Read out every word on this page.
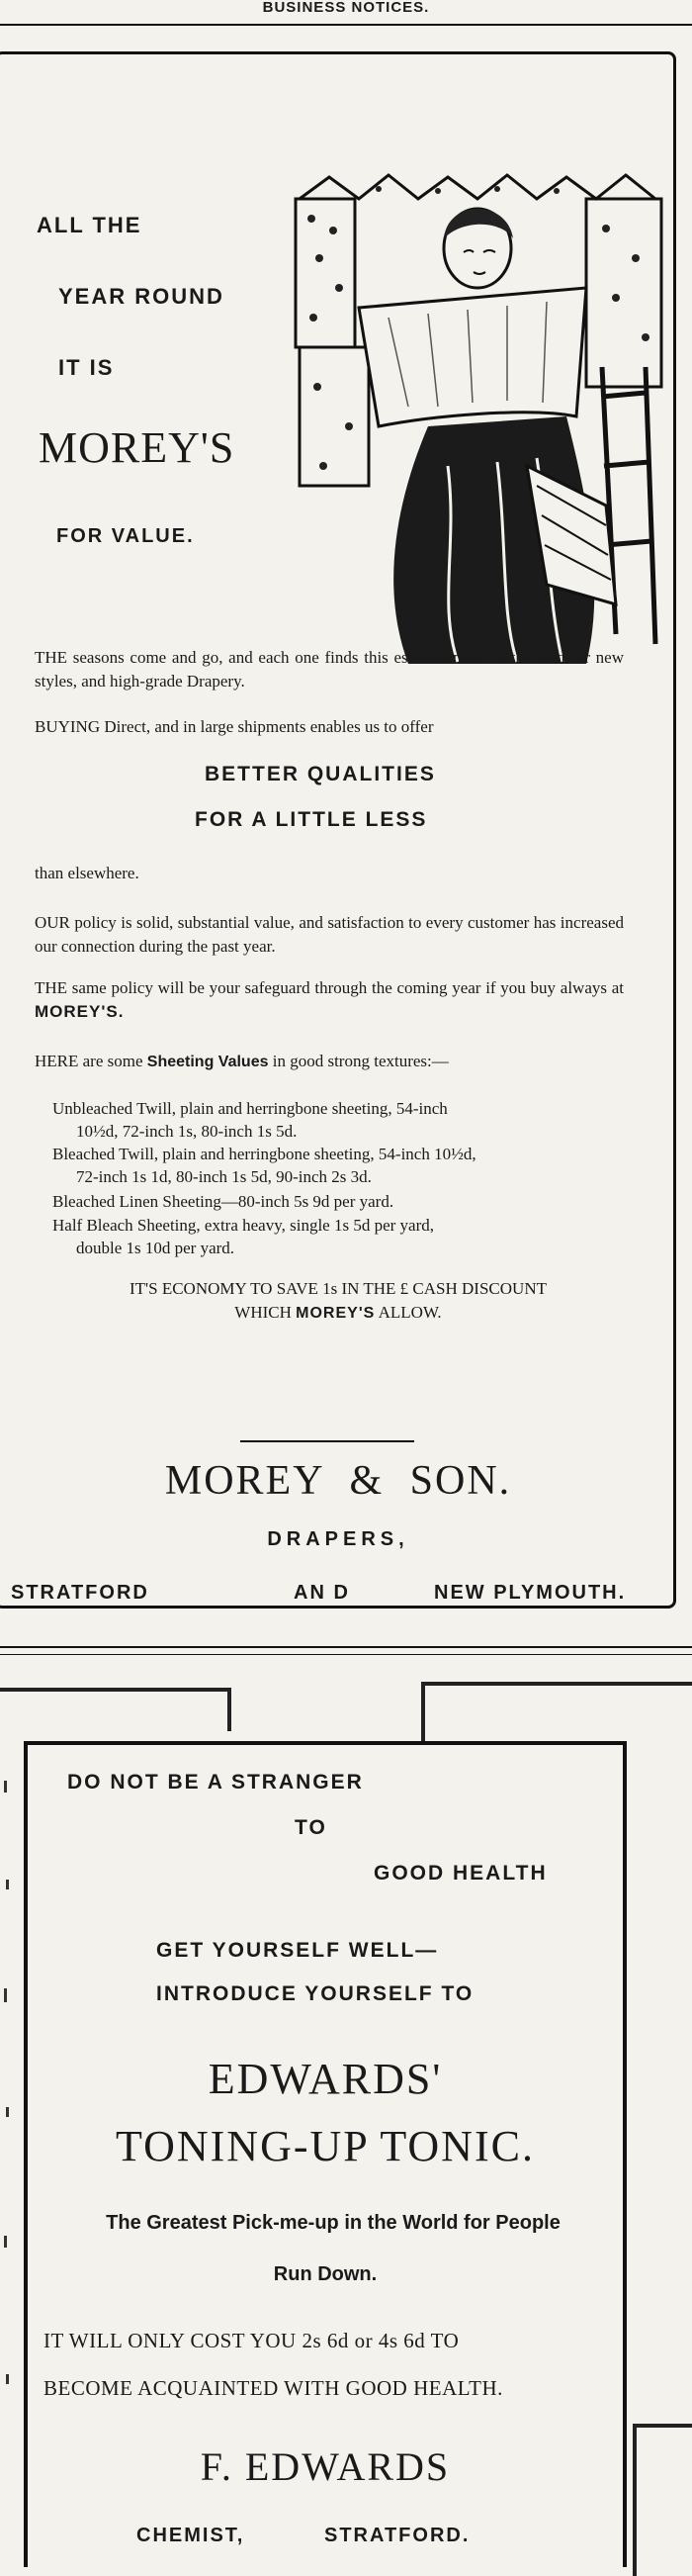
BUSINESS NOTICES.
ALL THE
YEAR ROUND
IT IS
MOREY'S
FOR VALUE.
THE seasons come and go, and each one finds this establishment in the lead for new styles, and high-grade Drapery.
BUYING Direct, and in large shipments enables us to offer
BETTER QUALITIES
FOR A LITTLE LESS
than elsewhere.
OUR policy is solid, substantial value, and satisfaction to every customer has increased our connection during the past year.
THE same policy will be your safeguard through the coming year if you buy always at MOREY'S.
HERE are some Sheeting Values in good strong textures:—
Unbleached Twill, plain and herringbone sheeting, 54-inch
10½d, 72-inch 1s, 80-inch 1s 5d.
Bleached Twill, plain and herringbone sheeting, 54-inch 10½d,
72-inch 1s 1d, 80-inch 1s 5d, 90-inch 2s 3d.
Bleached Linen Sheeting—80-inch 5s 9d per yard.
Half Bleach Sheeting, extra heavy, single 1s 5d per yard,
double 1s 10d per yard.
IT'S ECONOMY TO SAVE 1s IN THE £ CASH DISCOUNT
WHICH MOREY'S ALLOW.
MOREY & SON.
DRAPERS,
STRATFORD	AN D	NEW PLYMOUTH.
DO NOT BE A STRANGER
TO
GOOD HEALTH
GET YOURSELF WELL—
INTRODUCE YOURSELF TO
EDWARDS'
TONING-UP TONIC.
The Greatest Pick-me-up in the World for People
Run Down.
IT WILL ONLY COST YOU 2s 6d or 4s 6d TO
BECOME ACQUAINTED WITH GOOD HEALTH.
F. EDWARDS
CHEMIST,	STRATFORD.
